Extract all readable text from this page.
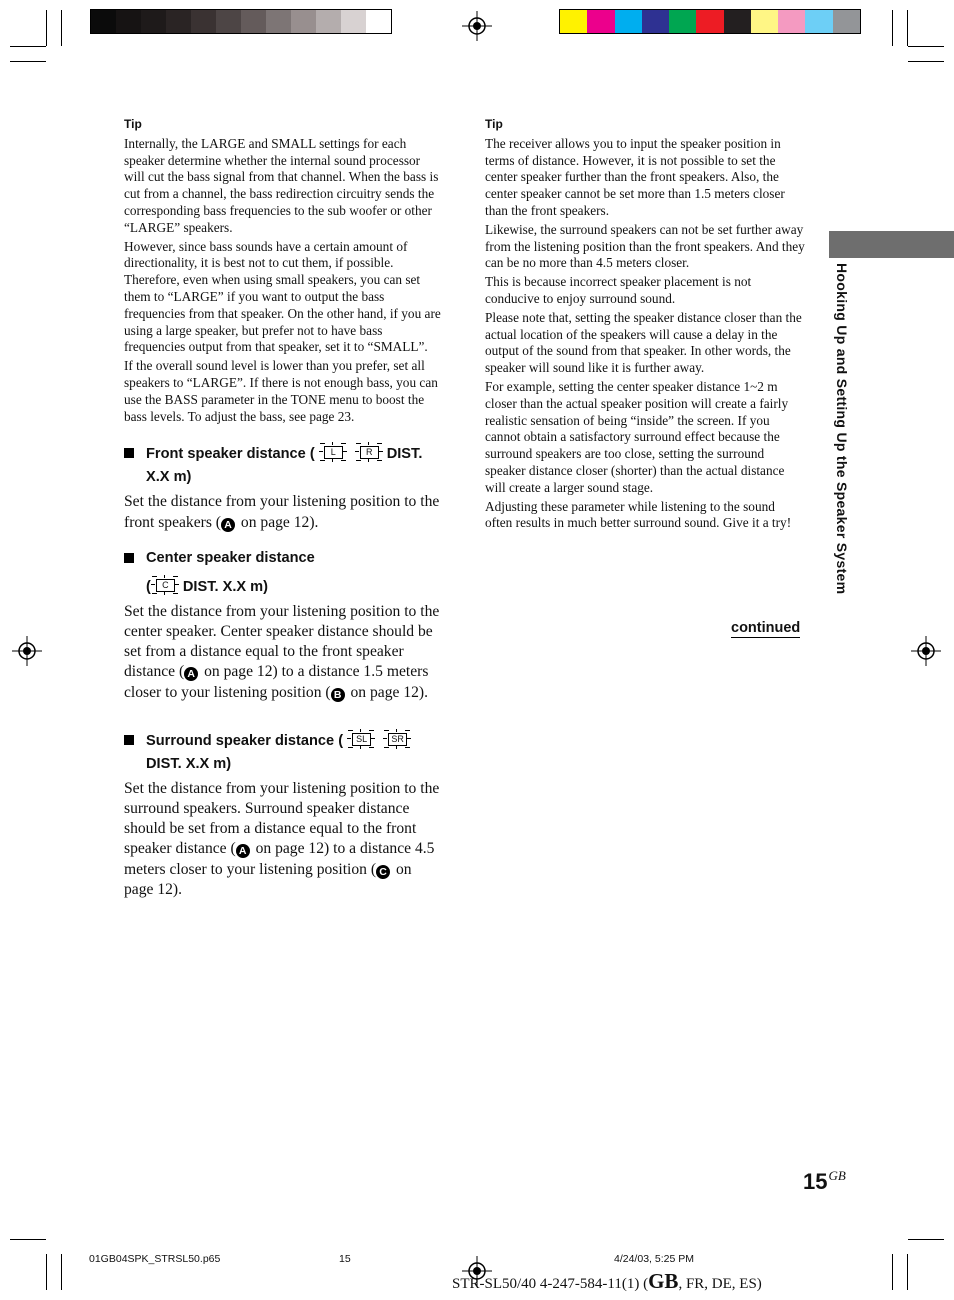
Tip

Internally, the LARGE and SMALL settings for each speaker determine whether the internal sound processor will cut the bass signal from that channel. When the bass is cut from a channel, the bass redirection circuitry sends the corresponding bass frequencies to the sub woofer or other “LARGE” speakers.

However, since bass sounds have a certain amount of directionality, it is best not to cut them, if possible. Therefore, even when using small speakers, you can set them to “LARGE” if you want to output the bass frequencies from that speaker. On the other hand, if you are using a large speaker, but prefer not to have bass frequencies output from that speaker, set it to “SMALL”.

If the overall sound level is lower than you prefer, set all speakers to “LARGE”. If there is not enough bass, you can use the BASS parameter in the TONE menu to boost the bass levels. To adjust the bass, see page 23.

Front speaker distance (	L	R DIST. X.X m)
Set the distance from your listening position to the front speakers ( A on page 12).
Center speaker distance
(	C DIST. X.X m)
Set the distance from your listening position to the center speaker. Center speaker distance should be set from a distance equal to the front speaker distance ( A on page 12) to a distance 1.5 meters closer to your listening position ( B on page 12).
Surround speaker distance (	SL	SR

DIST. X.X m)
Set the distance from your listening position to the surround speakers. Surround speaker distance should be set from a distance equal to the front speaker distance ( A on page 12) to a distance 4.5 meters closer to your listening position ( C on page 12).
Tip

The receiver allows you to input the speaker position in terms of distance. However, it is not possible to set the center speaker further than the front speakers. Also, the center speaker cannot be set more than 1.5 meters closer than the front speakers.

Likewise, the surround speakers can not be set further away from the listening position than the front speakers. And they can be no more than 4.5 meters closer.

This is because incorrect speaker placement is not conducive to enjoy surround sound.

Please note that, setting the speaker distance closer than the actual location of the speakers will cause a delay in the output of the sound from that speaker. In other words, the speaker will sound like it is further away.

For example, setting the center speaker distance 1~2 m closer than the actual speaker position will create a fairly realistic sensation of being “inside” the screen. If you cannot obtain a satisfactory surround effect because the surround speakers are too close, setting the surround speaker distance closer (shorter) than the actual distance will create a larger sound stage.

Adjusting these parameter while listening to the sound often results in much better surround sound. Give it a try!

continued
Hooking Up and Setting Up the Speaker System
$15^{GB}$
01GB04SPK_STRSL50.p65	15	4/24/03, 5:25 PM
STR-SL50/40 4-247-584-11(1) (GB, FR, DE, ES)
